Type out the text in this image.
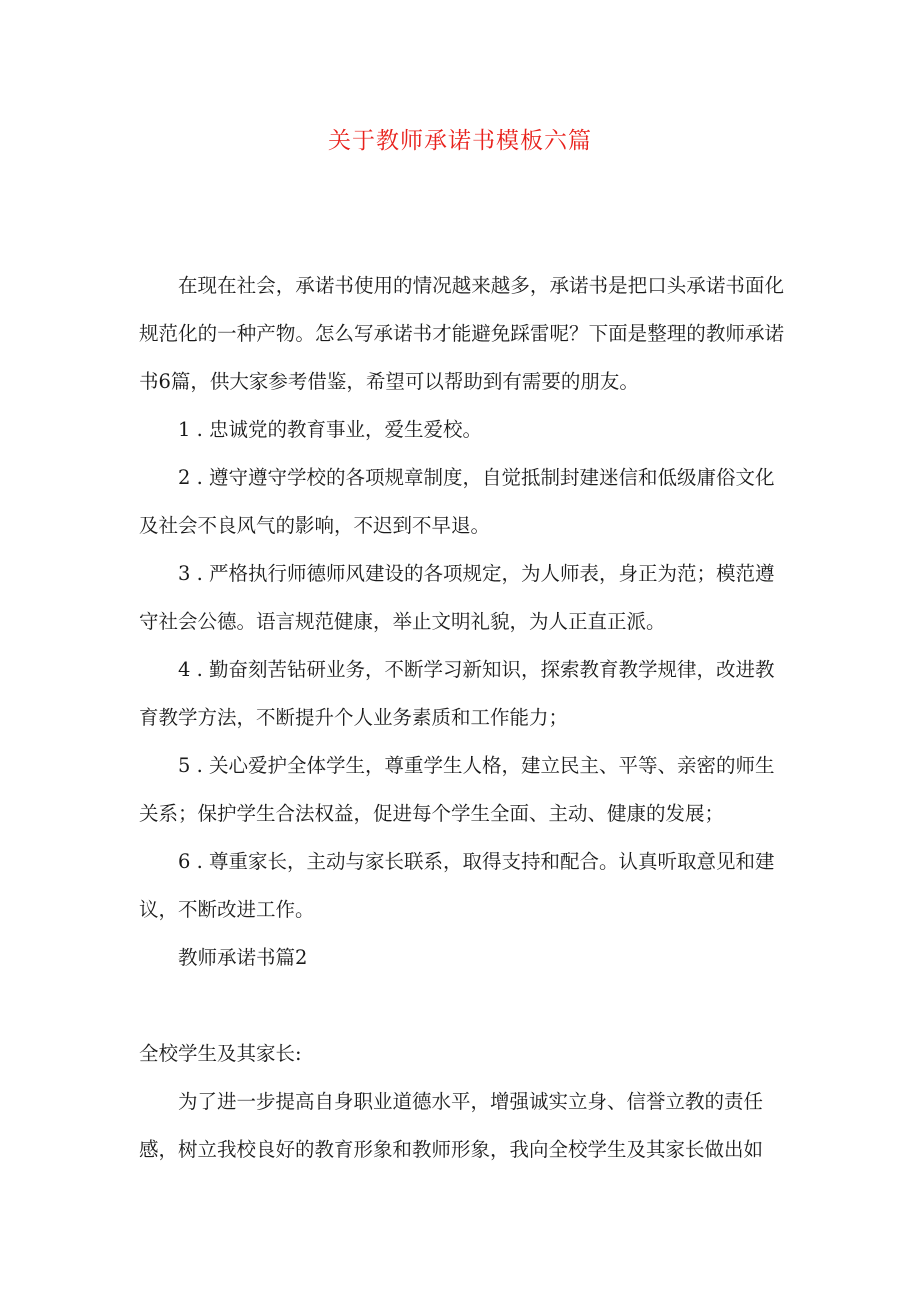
关于教师承诺书模板六篇

在现在社会，承诺书使用的情况越来越多，承诺书是把口头承诺书面化规范化的一种产物。怎么写承诺书才能避免踩雷呢？下面是整理的教师承诺书6篇，供大家参考借鉴，希望可以帮助到有需要的朋友。

1 . 忠诚党的教育事业，爱生爱校。

2 . 遵守遵守学校的各项规章制度，自觉抵制封建迷信和低级庸俗文化及社会不良风气的影响，不迟到不早退。

3 . 严格执行师德师风建设的各项规定，为人师表，身正为范；模范遵守社会公德。语言规范健康，举止文明礼貌，为人正直正派。

4 . 勤奋刻苦钻研业务，不断学习新知识，探索教育教学规律，改进教育教学方法，不断提升个人业务素质和工作能力；

5 . 关心爱护全体学生，尊重学生人格，建立民主、平等、亲密的师生关系；保护学生合法权益，促进每个学生全面、主动、健康的发展；

6 . 尊重家长，主动与家长联系，取得支持和配合。认真听取意见和建议，不断改进工作。

教师承诺书篇2

全校学生及其家长:

为了进一步提高自身职业道德水平，增强诚实立身、信誉立教的责任感，树立我校良好的教育形象和教师形象，我向全校学生及其家长做出如
